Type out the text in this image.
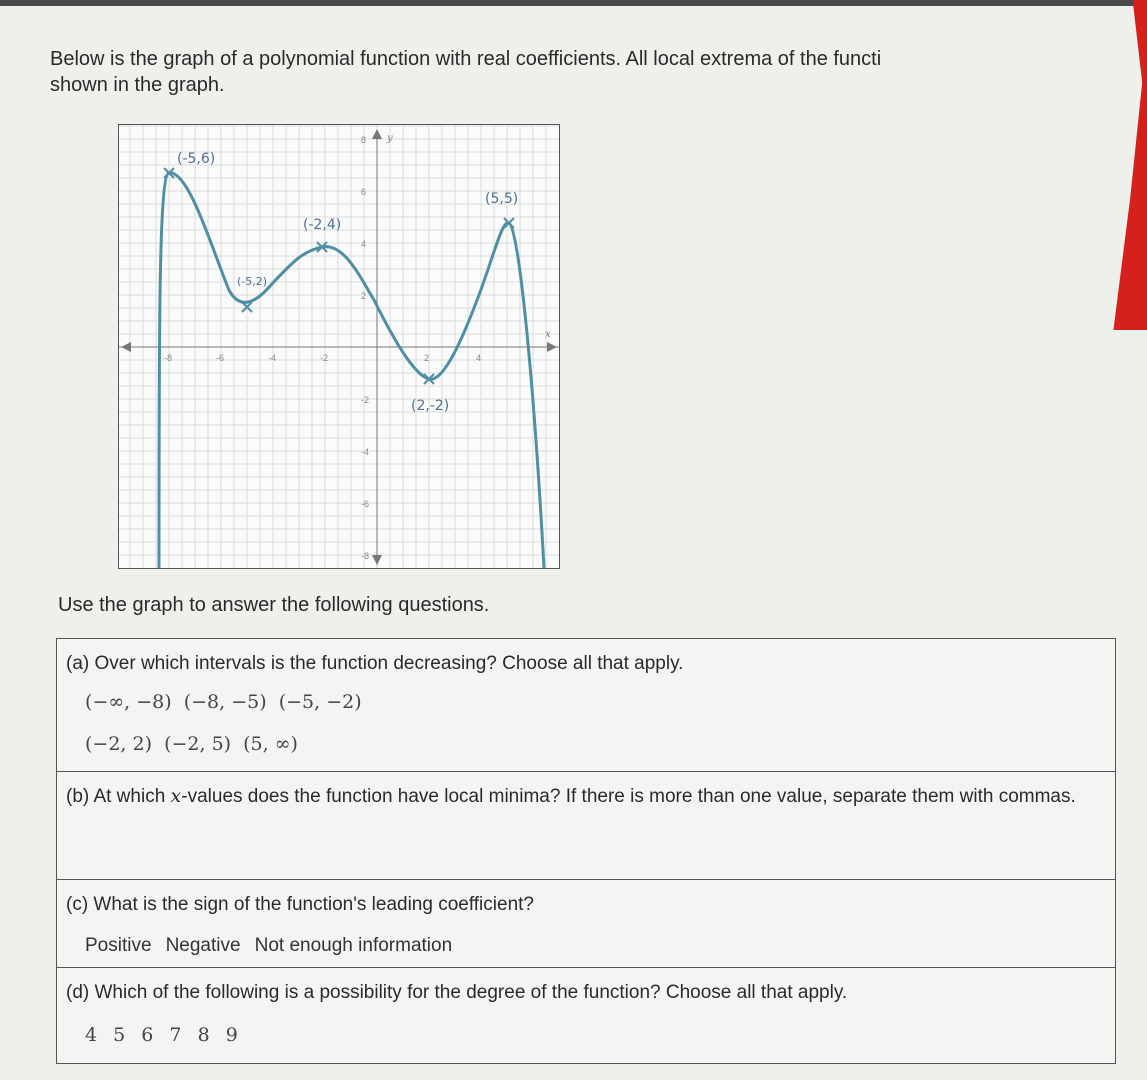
Below is the graph of a polynomial function with real coefficients. All local extrema of the functi
shown in the graph.
-8	-6	-4	-2	2	4
8
6
4
2
-2
-4
-6
-8
y
x
(-5,6)
(-2,4)
(-5,2)
(5,5)
(2,-2)
Use the graph to answer the following questions.
(a) Over which intervals is the function decreasing? Choose all that apply.
(−∞, −8) (−8, −5) (−5, −2)
(−2, 2) (−2, 5) (5, ∞)
(b) At which x-values does the function have local minima? If there is more than one value, separate them with commas.
(c) What is the sign of the function's leading coefficient?
Positive Negative Not enough information
(d) Which of the following is a possibility for the degree of the function? Choose all that apply.
4 5 6 7 8 9
